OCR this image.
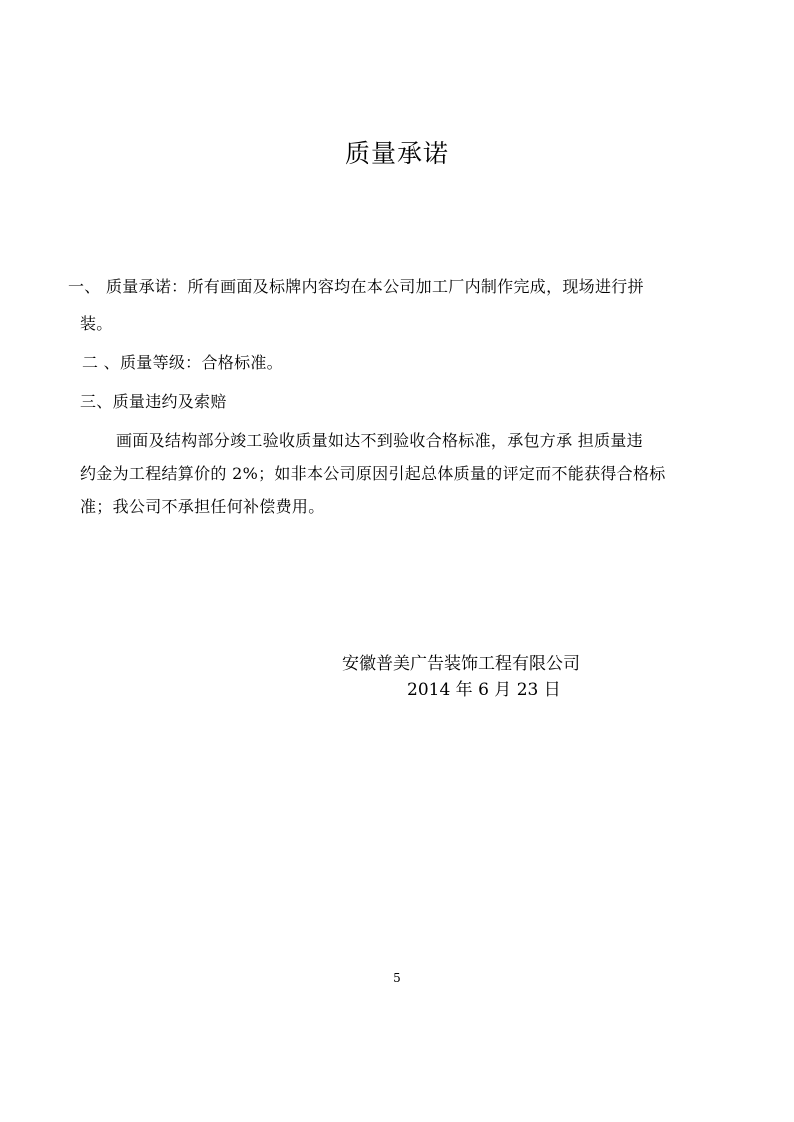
质量承诺
一、 质量承诺：所有画面及标牌内容均在本公司加工厂内制作完成，现场进行拼
装。
二 、质量等级：合格标准。
三、质量违约及索赔
画面及结构部分竣工验收质量如达不到验收合格标准，承包方承 担质量违
约金为工程结算价的 2%；如非本公司原因引起总体质量的评定而不能获得合格标
准；我公司不承担任何补偿费用。
安徽普美广告装饰工程有限公司
2014 年 6 月 23 日
5
